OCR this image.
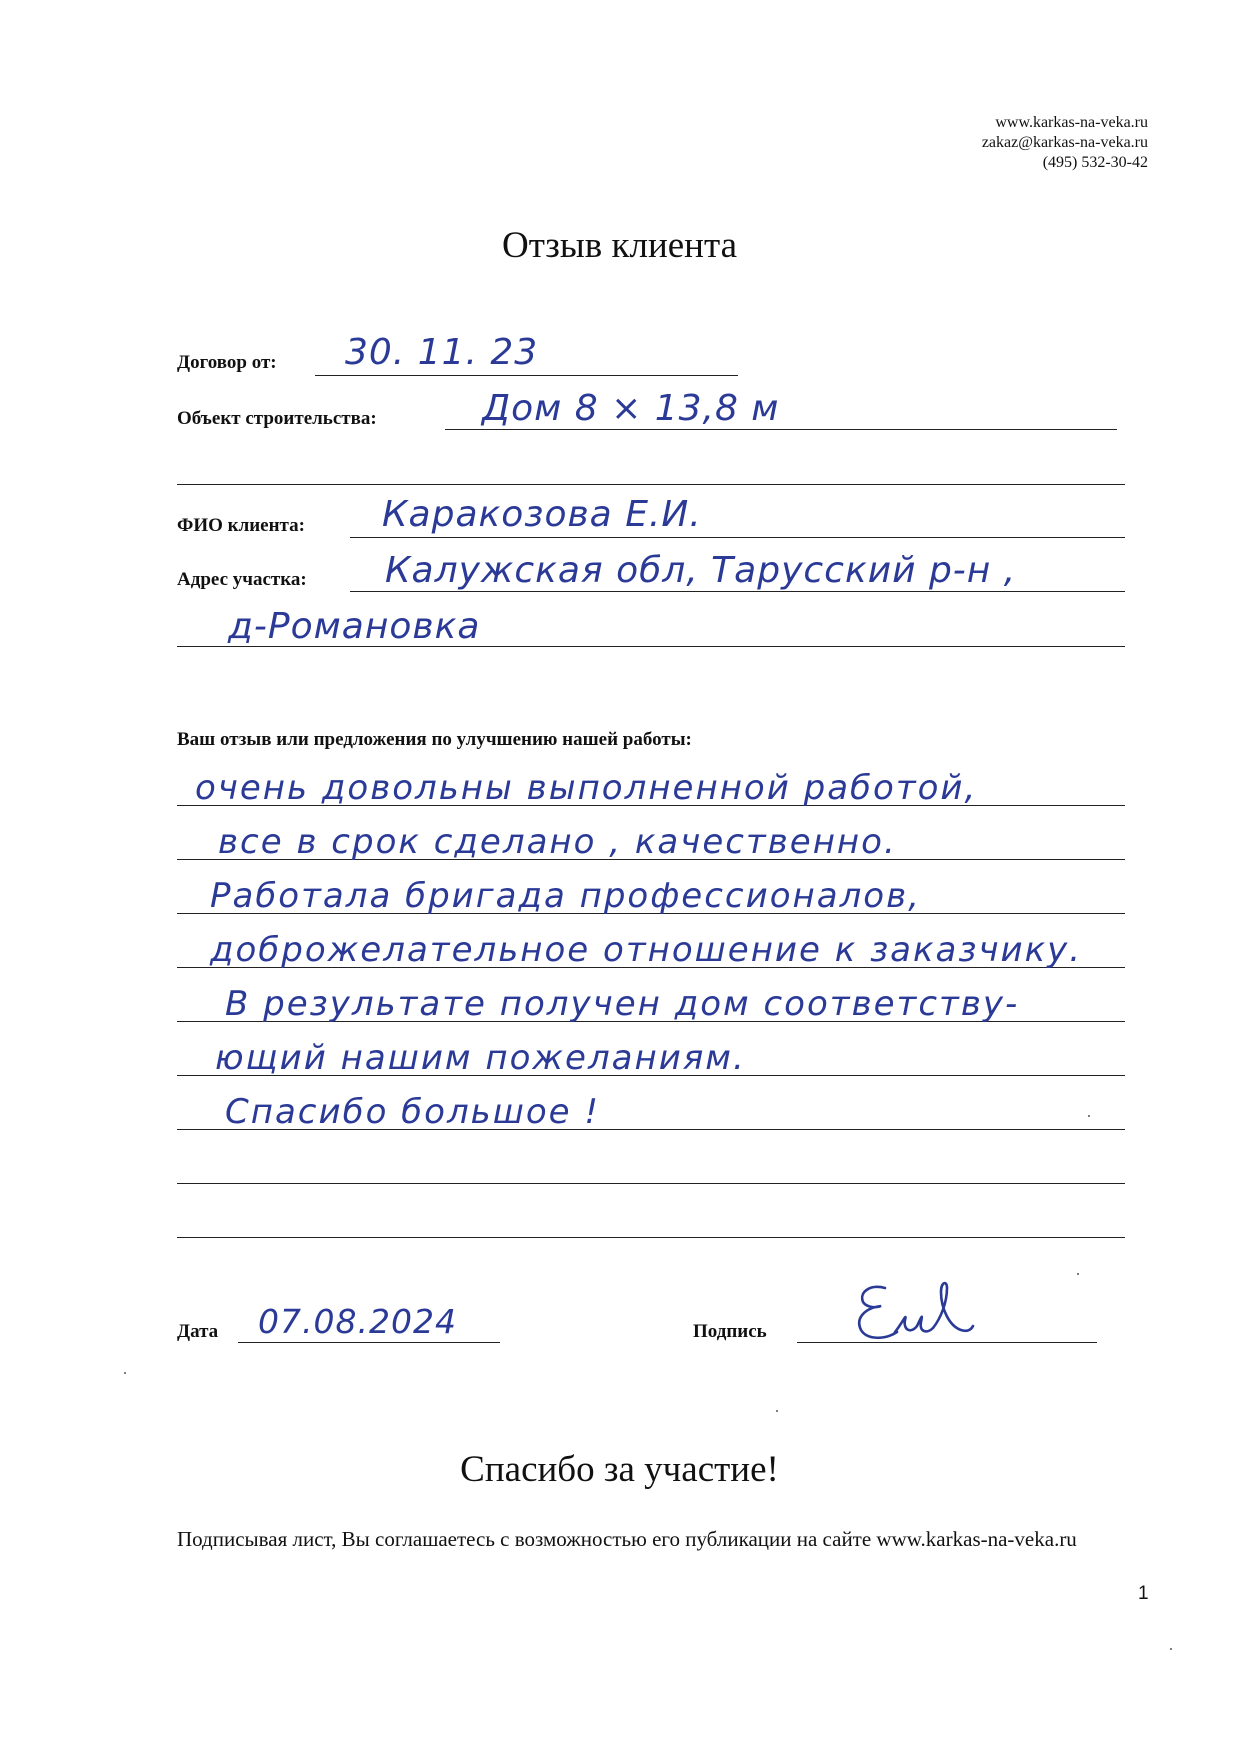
www.karkas-na-veka.ru
zakaz@karkas-na-veka.ru
(495) 532-30-42
Отзыв клиента
Договор от: 30. 11. 23
Объект строительства:	Дом 8 × 13,8 м
ФИО клиента: Каракозова Е.И.
Адрес участка: Калужская обл, Тарусский р-н ,
д-Романовка
Ваш отзыв или предложения по улучшению нашей работы:
очень довольны выполненной работой,
все в срок сделано , качественно.
Работала бригада профессионалов,
доброжелательное отношение к заказчику.
В результате получен дом соответству-
ющий нашим пожеланиям.
Спасибо большое !
Дата 07.08.2024	Подпись
Спасибо за участие!
Подписывая лист, Вы соглашаетесь с возможностью его публикации на сайте www.karkas-na-veka.ru
1
